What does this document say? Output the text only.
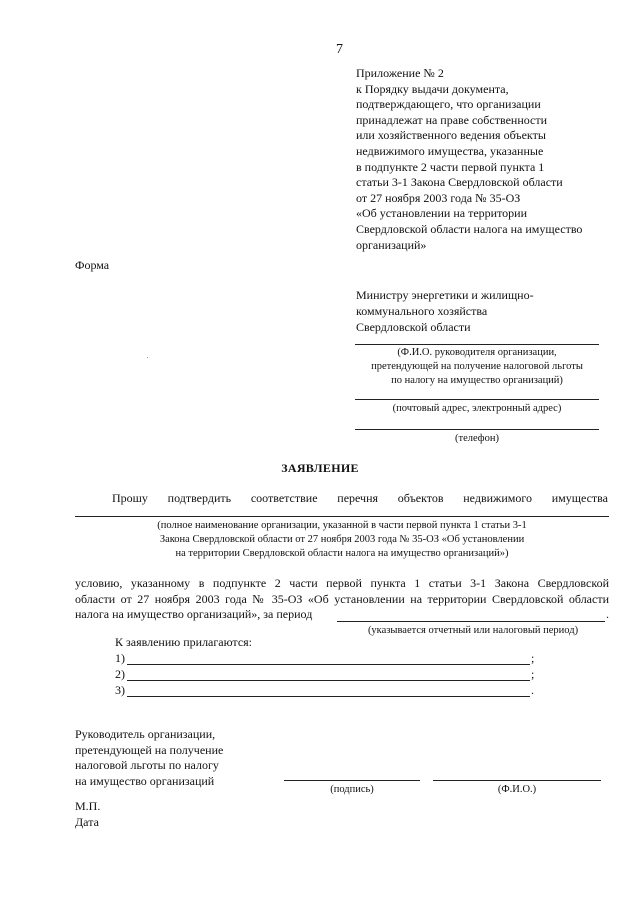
7
Приложение № 2
к Порядку выдачи документа,
подтверждающего, что организации
принадлежат на праве собственности
или хозяйственного ведения объекты
недвижимого имущества, указанные
в подпункте 2 части первой пункта 1
статьи 3-1 Закона Свердловской области
от 27 ноября 2003 года № 35-ОЗ
«Об установлении на территории
Свердловской области налога на имущество
организаций»
Форма
Министру энергетики и жилищно-
коммунального хозяйства
Свердловской области
(Ф.И.О. руководителя организации,
претендующей на получение налоговой льготы
по налогу на имущество организаций)
(почтовый адрес, электронный адрес)
(телефон)
ЗАЯВЛЕНИЕ
Прошу подтвердить соответствие перечня объектов недвижимого имущества
(полное наименование организации, указанной в части первой пункта 1 статьи 3-1
Закона Свердловской области от 27 ноября 2003 года № 35-ОЗ «Об установлении
на территории Свердловской области налога на имущество организаций»)
условию, указанному в подпункте 2 части первой пункта 1 статьи 3-1 Закона Свердловской
области от 27 ноября 2003 года № 35-ОЗ «Об установлении на территории Свердловской области
налога на имущество организаций», за период	.
(указывается отчетный или налоговый период)
К заявлению прилагаются:
1)	;
2)	;
3)	.
Руководитель организации,
претендующей на получение
налоговой льготы по налогу
на имущество организаций
(подпись)	(Ф.И.О.)
М.П.
Дата
